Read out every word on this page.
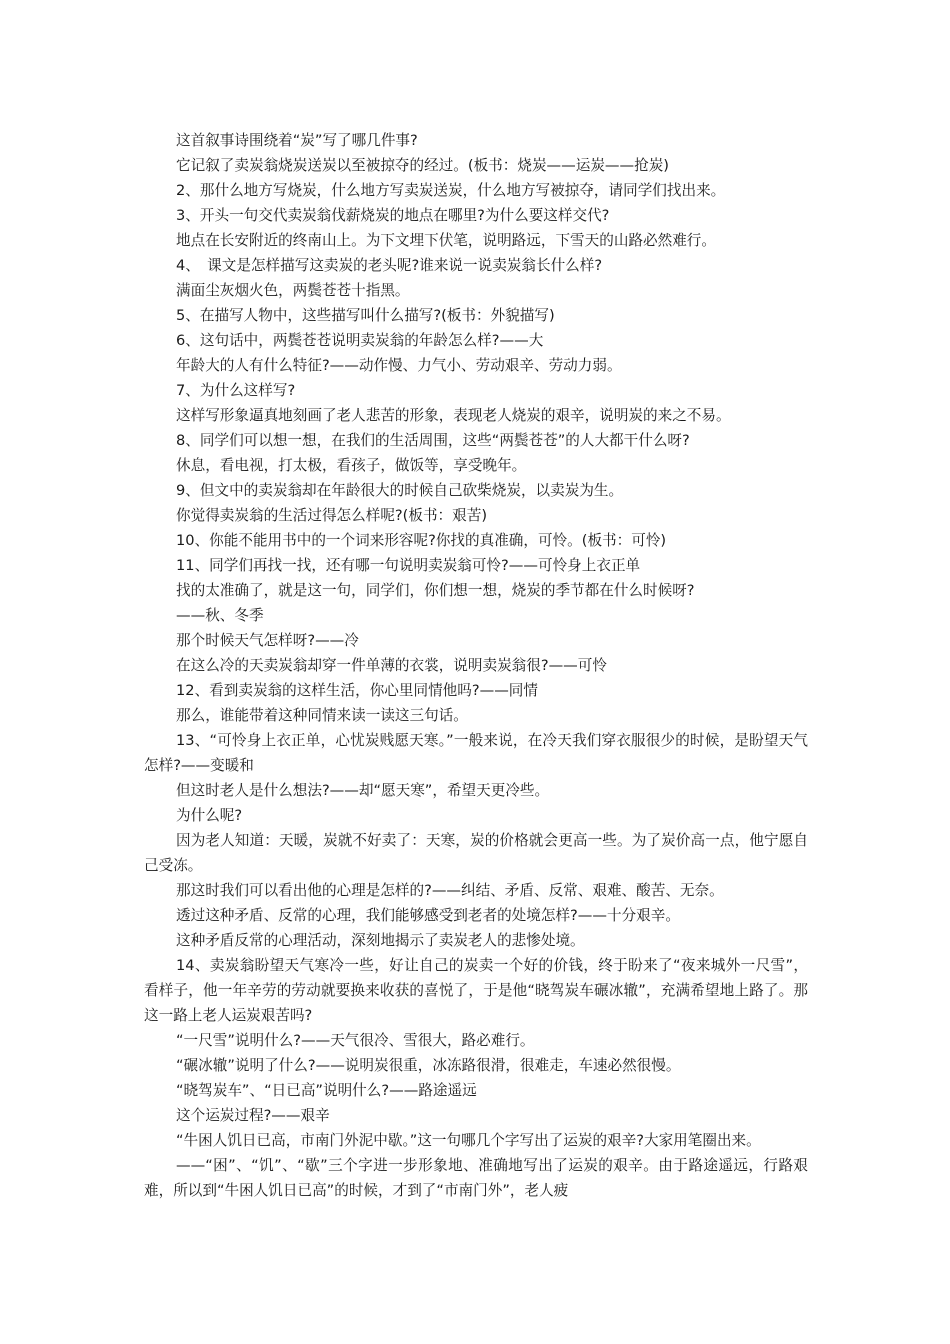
这首叙事诗围绕着“炭”写了哪几件事?

它记叙了卖炭翁烧炭送炭以至被掠夺的经过。(板书：烧炭——运炭——抢炭)

2、那什么地方写烧炭，什么地方写卖炭送炭，什么地方写被掠夺，请同学们找出来。

3、开头一句交代卖炭翁伐薪烧炭的地点在哪里?为什么要这样交代?

地点在长安附近的终南山上。为下文埋下伏笔，说明路远，下雪天的山路必然难行。

4、　课文是怎样描写这卖炭的老头呢?谁来说一说卖炭翁长什么样?

满面尘灰烟火色，两鬓苍苍十指黑。

5、在描写人物中，这些描写叫什么描写?(板书：外貌描写)

6、这句话中，两鬓苍苍说明卖炭翁的年龄怎么样?——大

年龄大的人有什么特征?——动作慢、力气小、劳动艰辛、劳动力弱。

7、为什么这样写?

这样写形象逼真地刻画了老人悲苦的形象，表现老人烧炭的艰辛，说明炭的来之不易。

8、同学们可以想一想，在我们的生活周围，这些“两鬓苍苍”的人大都干什么呀?

休息，看电视，打太极，看孩子，做饭等，享受晚年。

9、但文中的卖炭翁却在年龄很大的时候自己砍柴烧炭，以卖炭为生。

你觉得卖炭翁的生活过得怎么样呢?(板书：艰苦)

10、你能不能用书中的一个词来形容呢?你找的真准确，可怜。(板书：可怜)

11、同学们再找一找，还有哪一句说明卖炭翁可怜?——可怜身上衣正单

找的太准确了，就是这一句，同学们，你们想一想，烧炭的季节都在什么时候呀?

——秋、冬季

那个时候天气怎样呀?——冷

在这么冷的天卖炭翁却穿一件单薄的衣裳，说明卖炭翁很?——可怜

12、看到卖炭翁的这样生活，你心里同情他吗?——同情

那么，谁能带着这种同情来读一读这三句话。

13、“可怜身上衣正单，心忧炭贱愿天寒。”一般来说，在冷天我们穿衣服很少的时候，是盼望天气怎样?——变暖和

但这时老人是什么想法?——却“愿天寒”，希望天更冷些。

为什么呢?

因为老人知道：天暖，炭就不好卖了：天寒，炭的价格就会更高一些。为了炭价高一点，他宁愿自己受冻。

那这时我们可以看出他的心理是怎样的?——纠结、矛盾、反常、艰难、酸苦、无奈。

透过这种矛盾、反常的心理，我们能够感受到老者的处境怎样?——十分艰辛。

这种矛盾反常的心理活动，深刻地揭示了卖炭老人的悲惨处境。

14、卖炭翁盼望天气寒冷一些，好让自己的炭卖一个好的价钱，终于盼来了“夜来城外一尺雪”，看样子，他一年辛劳的劳动就要换来收获的喜悦了，于是他“晓驾炭车碾冰辙”，充满希望地上路了。那这一路上老人运炭艰苦吗?

“一尺雪”说明什么?——天气很冷、雪很大，路必难行。

“碾冰辙”说明了什么?——说明炭很重，冰冻路很滑，很难走，车速必然很慢。

“晓驾炭车”、“日已高”说明什么?——路途遥远

这个运炭过程?——艰辛

“牛困人饥日已高，市南门外泥中歇。”这一句哪几个字写出了运炭的艰辛?大家用笔圈出来。

——“困”、“饥”、“歇”三个字进一步形象地、准确地写出了运炭的艰辛。由于路途遥远，行路艰难，所以到“牛困人饥日已高”的时候，才到了“市南门外”，老人疲
